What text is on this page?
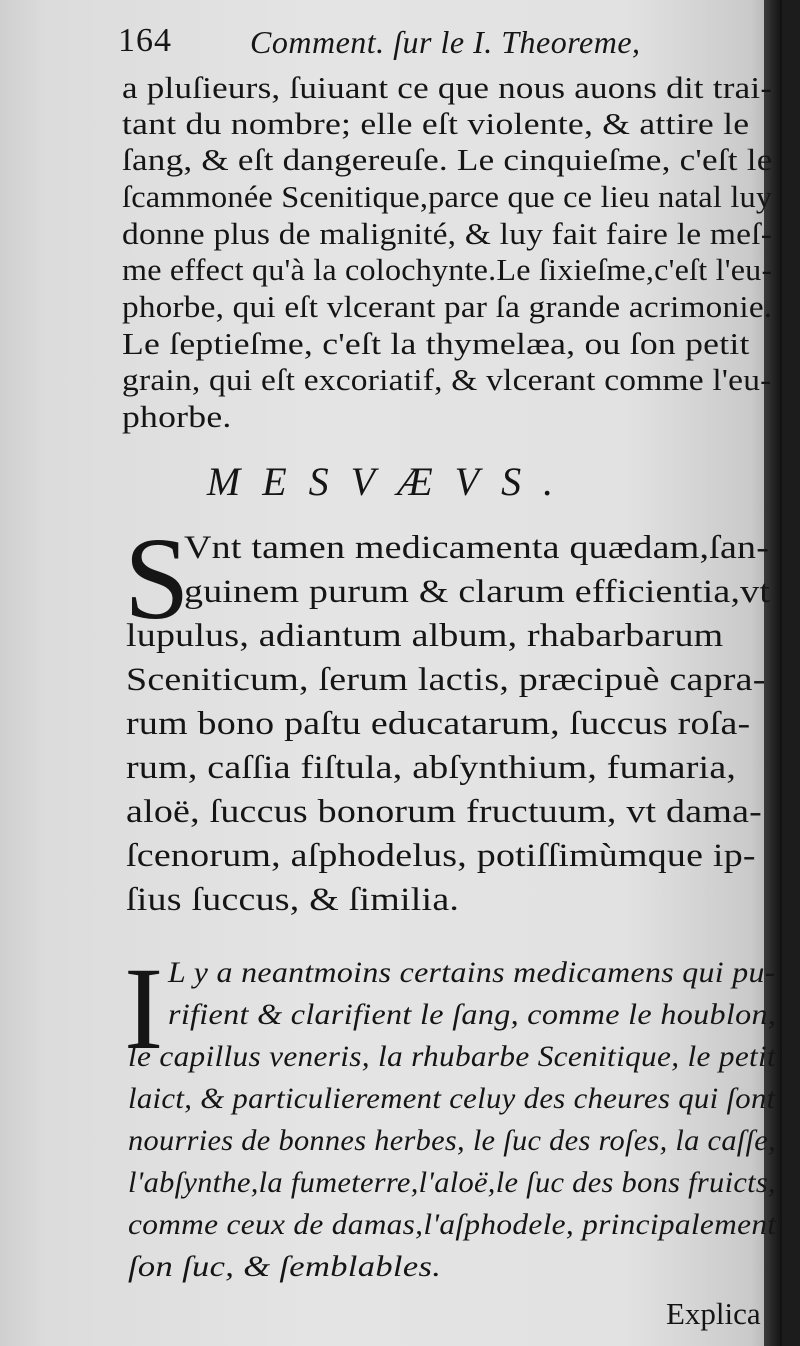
164 Comment. ſur le I. Theoreme,
a pluſieurs, ſuiuant ce que nous auons dit trai-
tant du nombre; elle eſt violente, & attire le
ſang, & eſt dangereuſe. Le cinquieſme, c'eſt le
ſcammonée Scenitique,parce que ce lieu natal luy
donne plus de malignité, & luy fait faire le meſ-
me effect qu'à la colochynte.Le ſixieſme,c'eſt l'eu-
phorbe, qui eſt vlcerant par ſa grande acrimonie.
Le ſeptieſme, c'eſt la thymelæa, ou ſon petit
grain, qui eſt excoriatif, & vlcerant comme l'eu-
phorbe.
MESVÆVS.
S
Vnt tamen medicamenta quædam,ſan-
guinem purum & clarum efficientia,vt
lupulus, adiantum album, rhabarbarum
Sceniticum, ſerum lactis, præcipuè capra-
rum bono paſtu educatarum, ſuccus roſa-
rum, caſſia fiſtula, abſynthium, fumaria,
aloë, ſuccus bonorum fructuum, vt dama-
ſcenorum, aſphodelus, potiſſimùmque ip-
ſius ſuccus, & ſimilia.
I L y a neantmoins certains medicamens qui pu-
rifient & clarifient le ſang, comme le houblon,
le capillus veneris, la rhubarbe Scenitique, le petit
laict, & particulierement celuy des cheures qui ſont
nourries de bonnes herbes, le ſuc des roſes, la caſſe,
l'abſynthe,la fumeterre,l'aloë,le ſuc des bons fruicts,
comme ceux de damas,l'aſphodele, principalement
ſon ſuc, & ſemblables.
Explica
